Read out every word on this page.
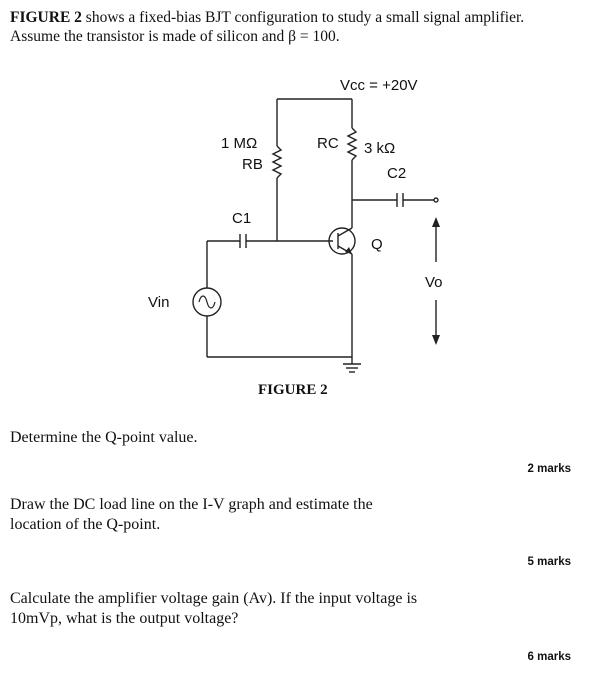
FIGURE 2 shows a fixed-bias BJT configuration to study a small signal amplifier.
Assume the transistor is made of silicon and β = 100.
Vcc = +20V
1 MΩ
RB
RC 3 kΩ
C2
C1
Q
Vin
Vo
FIGURE 2
Determine the Q-point value.
2 marks
Draw the DC load line on the I-V graph and estimate the
location of the Q-point.
5 marks
Calculate the amplifier voltage gain (Av). If the input voltage is
10mVp, what is the output voltage?
6 marks
